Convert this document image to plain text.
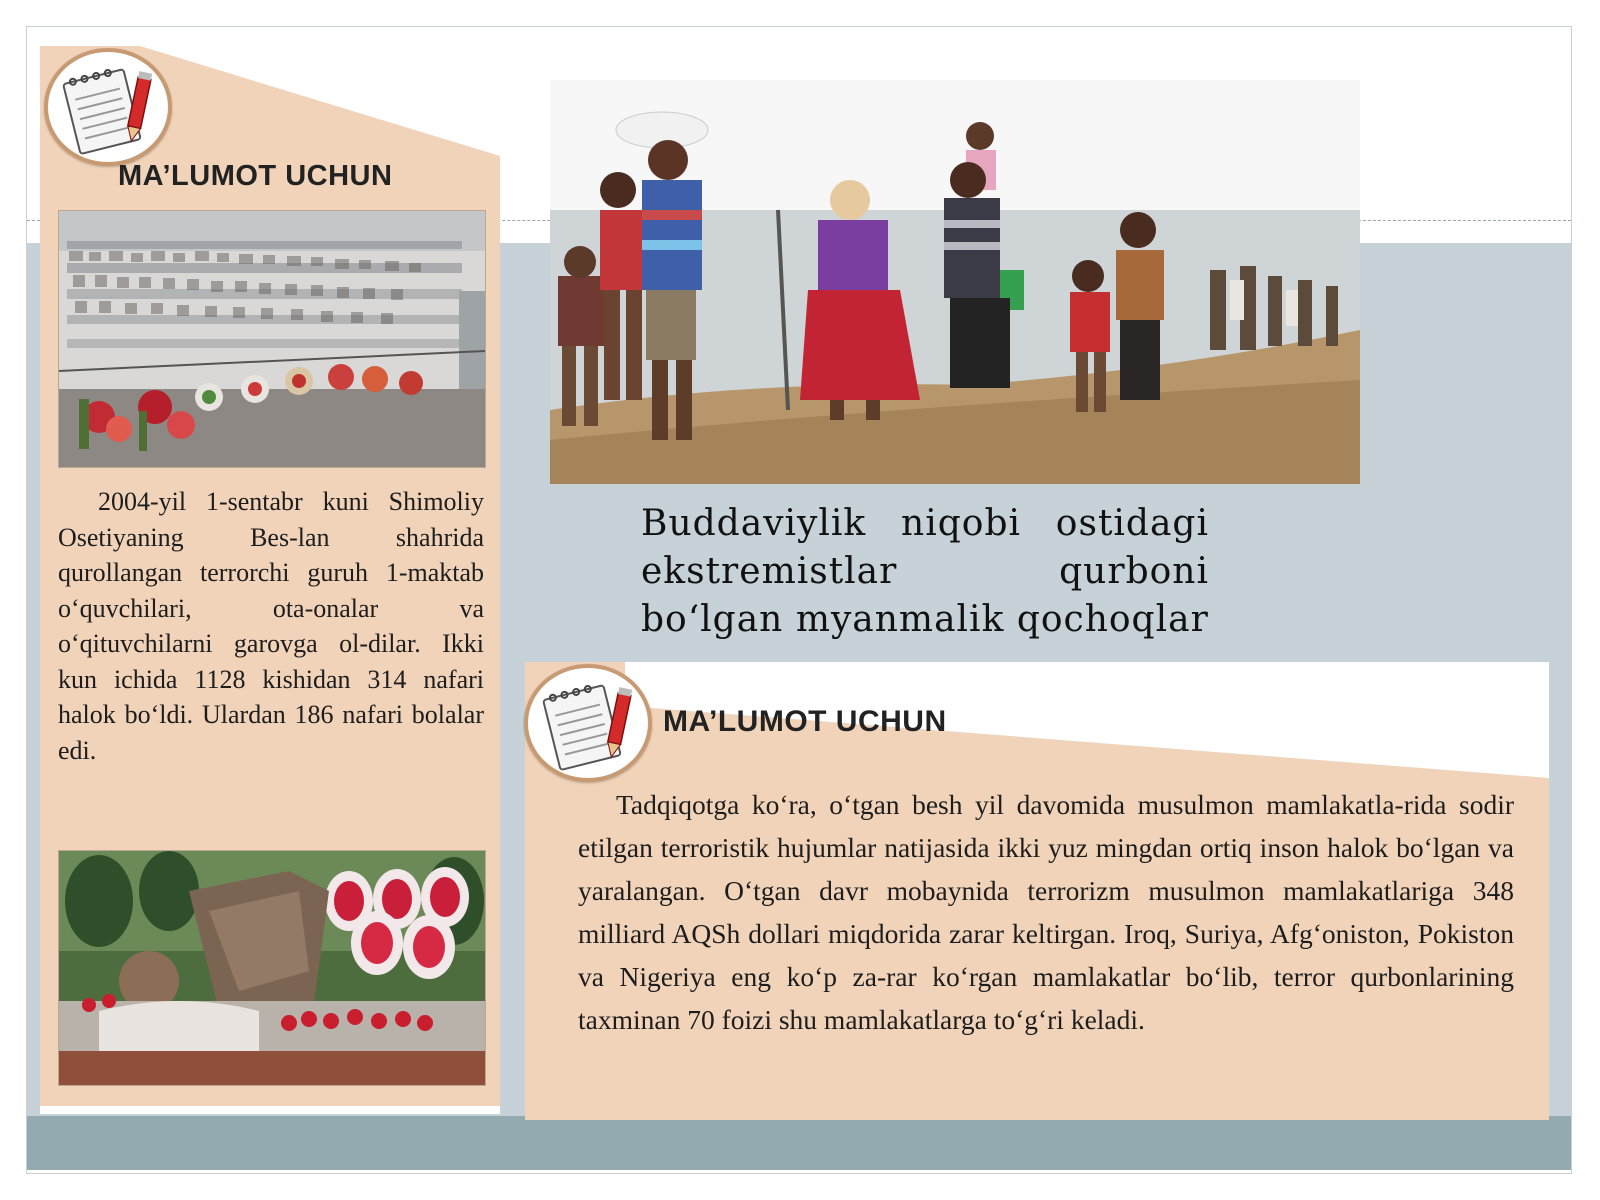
MA’LUMOT UCHUN
2004-yil 1-sentabr kuni Shimoliy Osetiyaning Bes-lan shahrida qurollangan terrorchi guruh 1-maktab o‘quvchilari, ota-onalar va o‘qituvchilarni garovga ol-dilar. Ikki kun ichida 1128 kishidan 314 nafari halok bo‘ldi. Ulardan 186 nafari bolalar edi.
Buddaviylik niqobi ostidagi ekstremistlar qurboni bo‘lgan myanmalik qochoqlar
MA’LUMOT UCHUN
Tadqiqotga ko‘ra, o‘tgan besh yil davomida musulmon mamlakatla-rida sodir etilgan terroristik hujumlar natijasida ikki yuz mingdan ortiq inson halok bo‘lgan va yaralangan. O‘tgan davr mobaynida terrorizm musulmon mamlakatlariga 348 milliard AQSh dollari miqdorida zarar keltirgan. Iroq, Suriya, Afg‘oniston, Pokiston va Nigeriya eng ko‘p za-rar ko‘rgan mamlakatlar bo‘lib, terror qurbonlarining taxminan 70 foizi shu mamlakatlarga to‘g‘ri keladi.
